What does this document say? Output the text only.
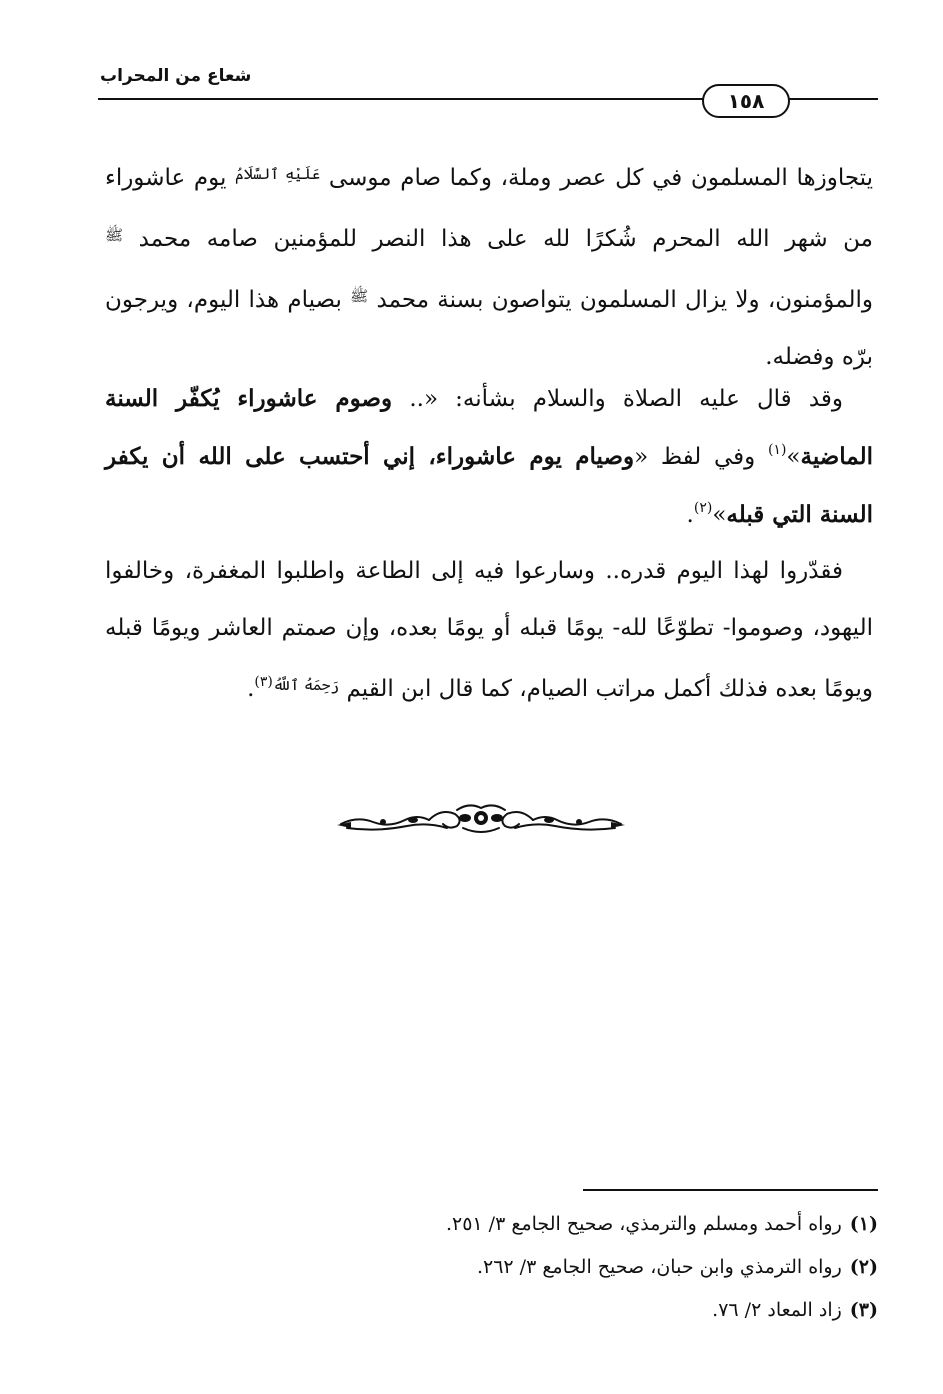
شعاع من المحراب
١٥٨

يتجاوزها المسلمون في كل عصر وملة، وكما صام موسى $^{عَلَيْهِ ٱلسَّلَامُ}$ يوم عاشوراء من شهر الله المحرم شُكرًا لله على هذا النصر للمؤمنين صامه محمد $^ﷺ$ والمؤمنون، ولا يزال المسلمون يتواصون بسنة محمد $^ﷺ$ بصيام هذا اليوم، ويرجون برّه وفضله.

وقد قال عليه الصلاة والسلام بشأنه: «.. وصوم عاشوراء يُكفّر السنة الماضية»$^{(١)}$ وفي لفظ «وصيام يوم عاشوراء، إني أحتسب على الله أن يكفر السنة التي قبله»$^{(٢)}$.

فقدّروا لهذا اليوم قدره.. وسارعوا فيه إلى الطاعة واطلبوا المغفرة، وخالفوا اليهود، وصوموا- تطوّعًا لله- يومًا قبله أو يومًا بعده، وإن صمتم العاشر ويومًا قبله ويومًا بعده فذلك أكمل مراتب الصيام، كما قال ابن القيم $^{رَحِمَهُ ٱللَّهُ(٣)}$.

(١)رواه أحمد ومسلم والترمذي، صحيح الجامع ٣/ ٢٥١.
(٢)رواه الترمذي وابن حبان، صحيح الجامع ٣/ ٢٦٢.
(٣)زاد المعاد ٢/ ٧٦.
